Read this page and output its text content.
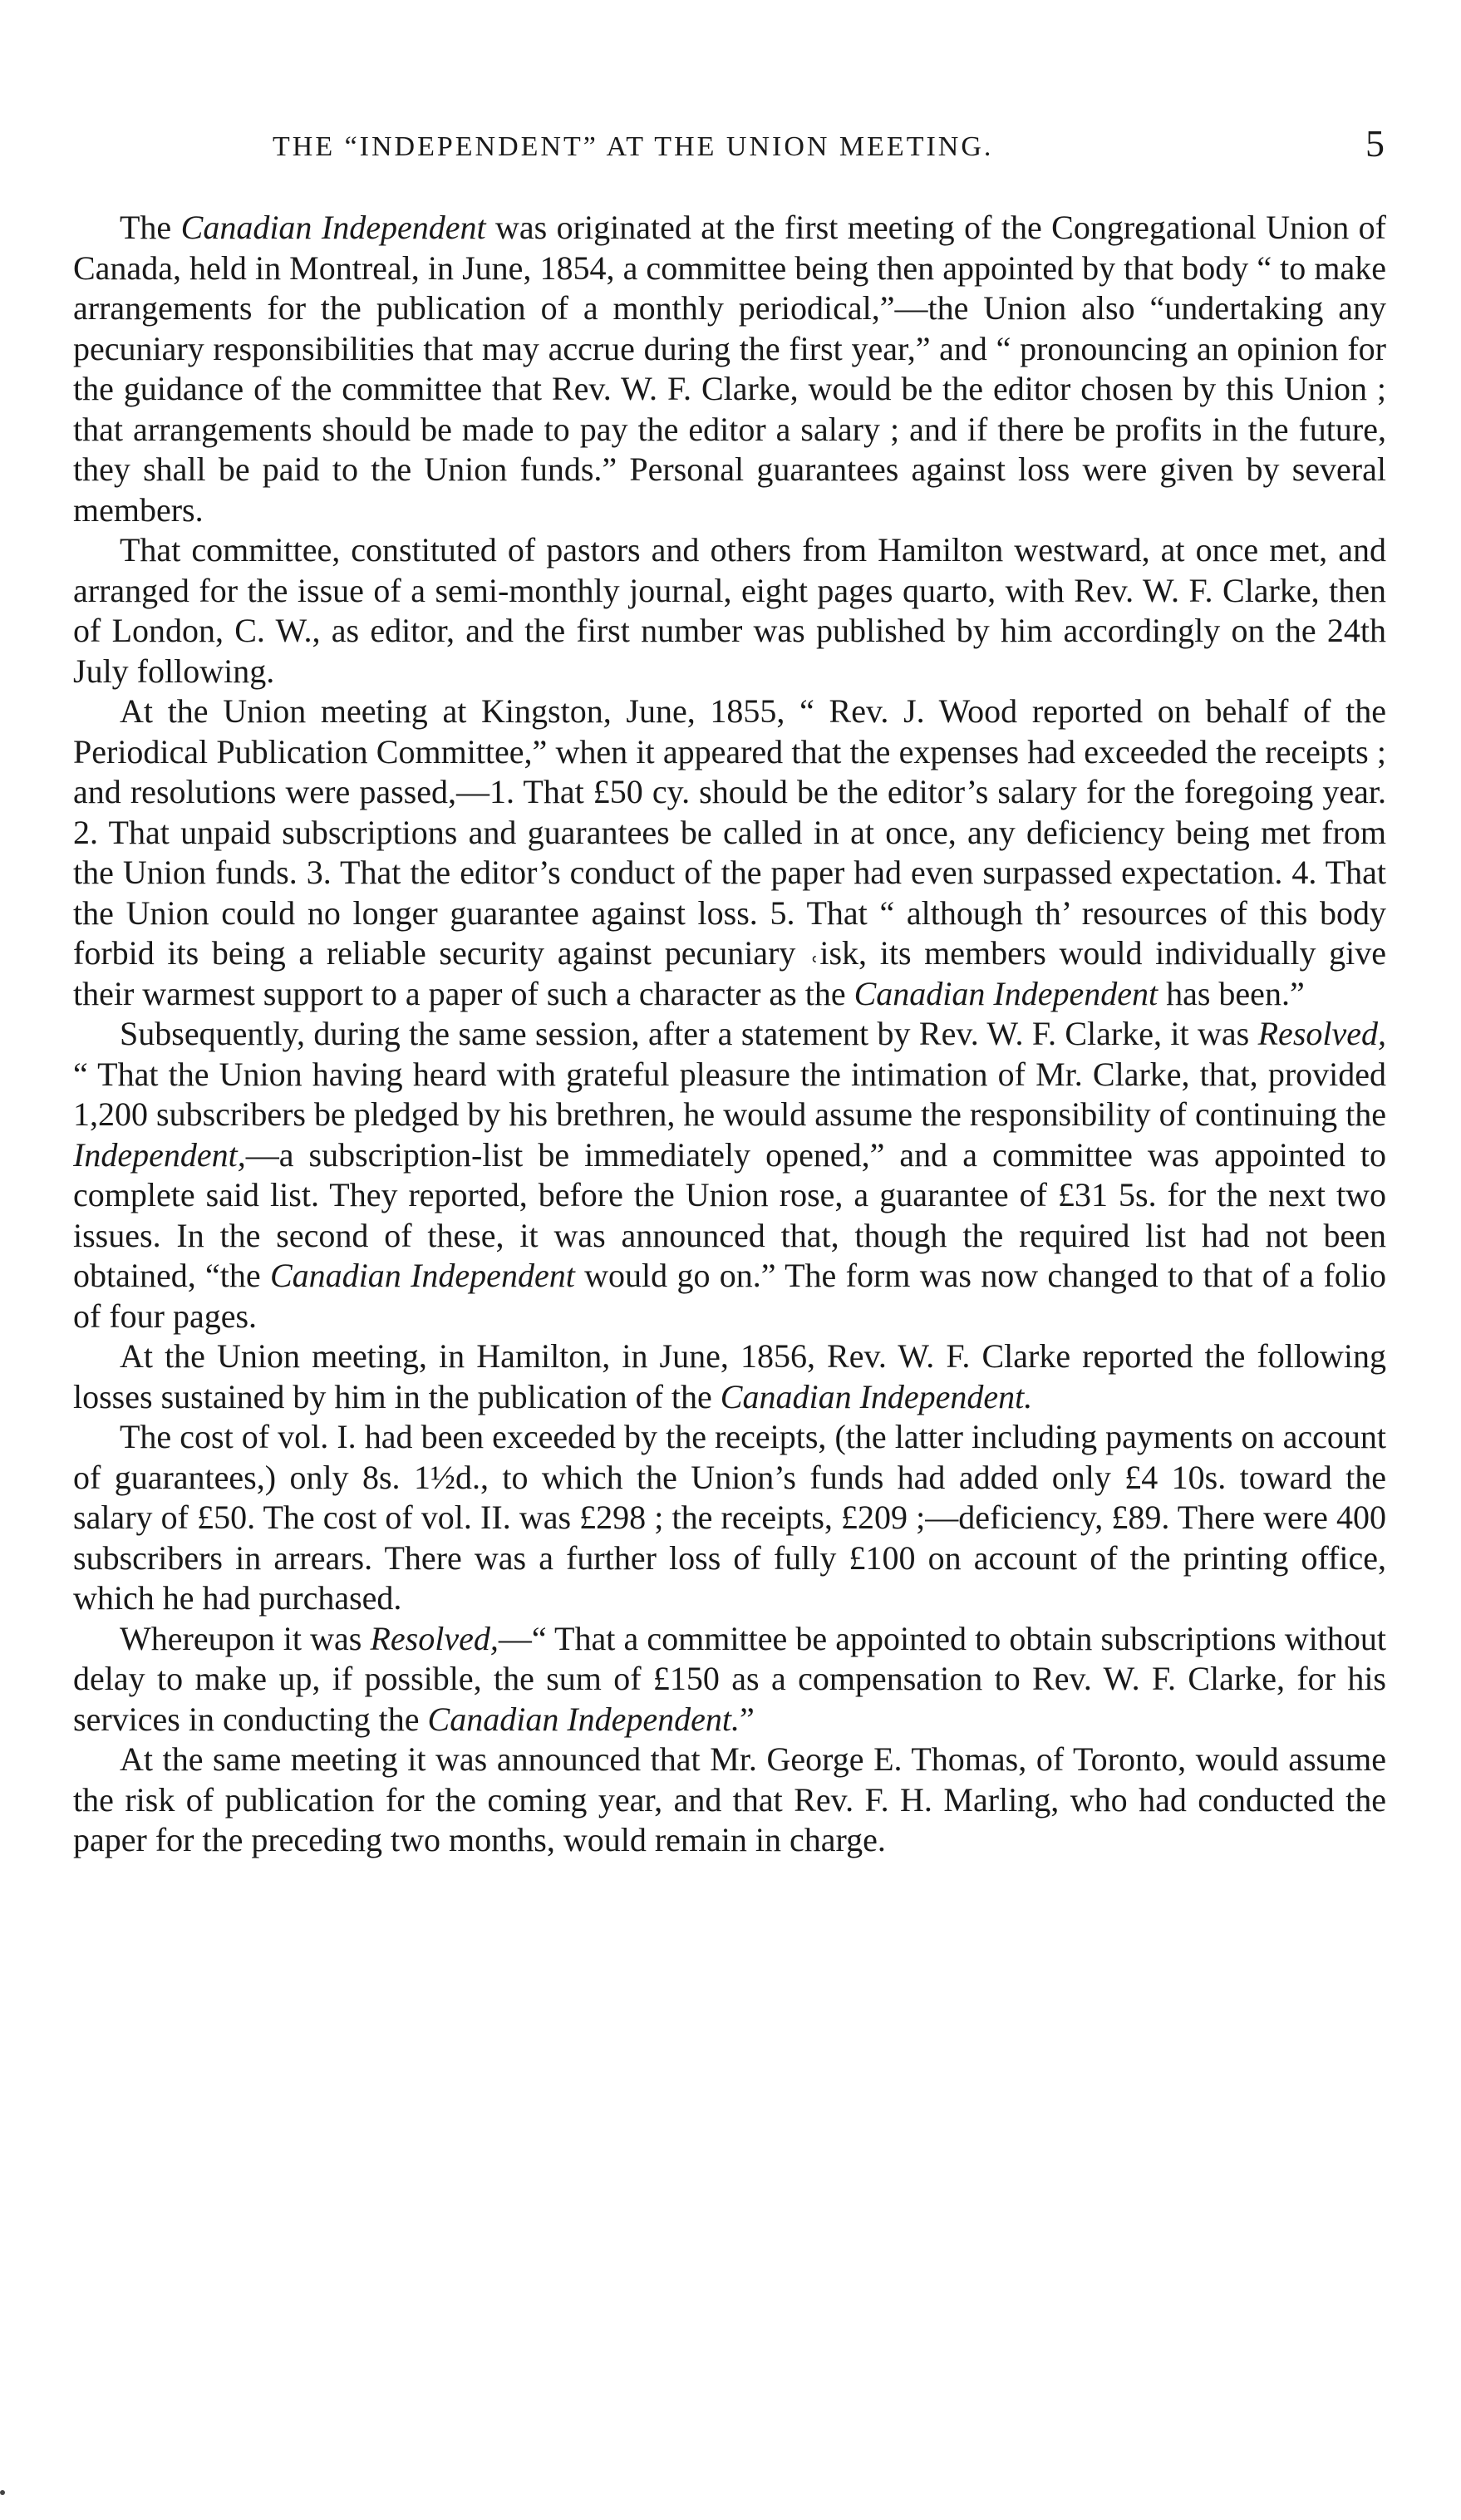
THE “INDEPENDENT” AT THE UNION MEETING.	5

The Canadian Independent was originated at the first meeting of the Congregational Union of Canada, held in Montreal, in June, 1854, a committee being then appointed by that body “ to make arrangements for the publication of a monthly periodical,”—the Union also “undertaking any pecuniary responsibilities that may accrue during the first year,” and “ pronouncing an opinion for the guidance of the committee that Rev. W. F. Clarke, would be the editor chosen by this Union ; that arrangements should be made to pay the editor a salary ; and if there be profits in the future, they shall be paid to the Union funds.” Personal guarantees against loss were given by several members.

That committee, constituted of pastors and others from Hamilton westward, at once met, and arranged for the issue of a semi-monthly journal, eight pages quarto, with Rev. W. F. Clarke, then of London, C. W., as editor, and the first number was published by him accordingly on the 24th July following.

At the Union meeting at Kingston, June, 1855, “ Rev. J. Wood reported on behalf of the Periodical Publication Committee,” when it appeared that the expenses had exceeded the receipts ; and resolutions were passed,—1. That £50 cy. should be the editor’s salary for the foregoing year. 2. That unpaid subscriptions and guarantees be called in at once, any deficiency being met from the Union funds. 3. That the editor’s conduct of the paper had even surpassed expectation. 4. That the Union could no longer guarantee against loss. 5. That “ although th’ resources of this body forbid its being a reliable security against pecuniary ˓isk, its members would individually give their warmest support to a paper of such a character as the Canadian Independent has been.”

Subsequently, during the same session, after a statement by Rev. W. F. Clarke, it was Resolved, “ That the Union having heard with grateful pleasure the intimation of Mr. Clarke, that, provided 1,200 subscribers be pledged by his brethren, he would assume the responsibility of continuing the Independent,—a subscription-list be immediately opened,” and a committee was appointed to complete said list. They reported, before the Union rose, a guarantee of £31 5s. for the next two issues. In the second of these, it was announced that, though the required list had not been obtained, “the Canadian Independent would go on.” The form was now changed to that of a folio of four pages.

At the Union meeting, in Hamilton, in June, 1856, Rev. W. F. Clarke reported the following losses sustained by him in the publication of the Canadian Independent.

The cost of vol. I. had been exceeded by the receipts, (the latter including payments on account of guarantees,) only 8s. 1½d., to which the Union’s funds had added only £4 10s. toward the salary of £50. The cost of vol. II. was £298 ; the receipts, £209 ;—deficiency, £89. There were 400 subscribers in arrears. There was a further loss of fully £100 on account of the printing office, which he had purchased.

Whereupon it was Resolved,—“ That a committee be appointed to obtain subscriptions without delay to make up, if possible, the sum of £150 as a compensation to Rev. W. F. Clarke, for his services in conducting the Canadian Independent.”

At the same meeting it was announced that Mr. George E. Thomas, of Toronto, would assume the risk of publication for the coming year, and that Rev. F. H. Marling, who had conducted the paper for the preceding two months, would remain in charge.
